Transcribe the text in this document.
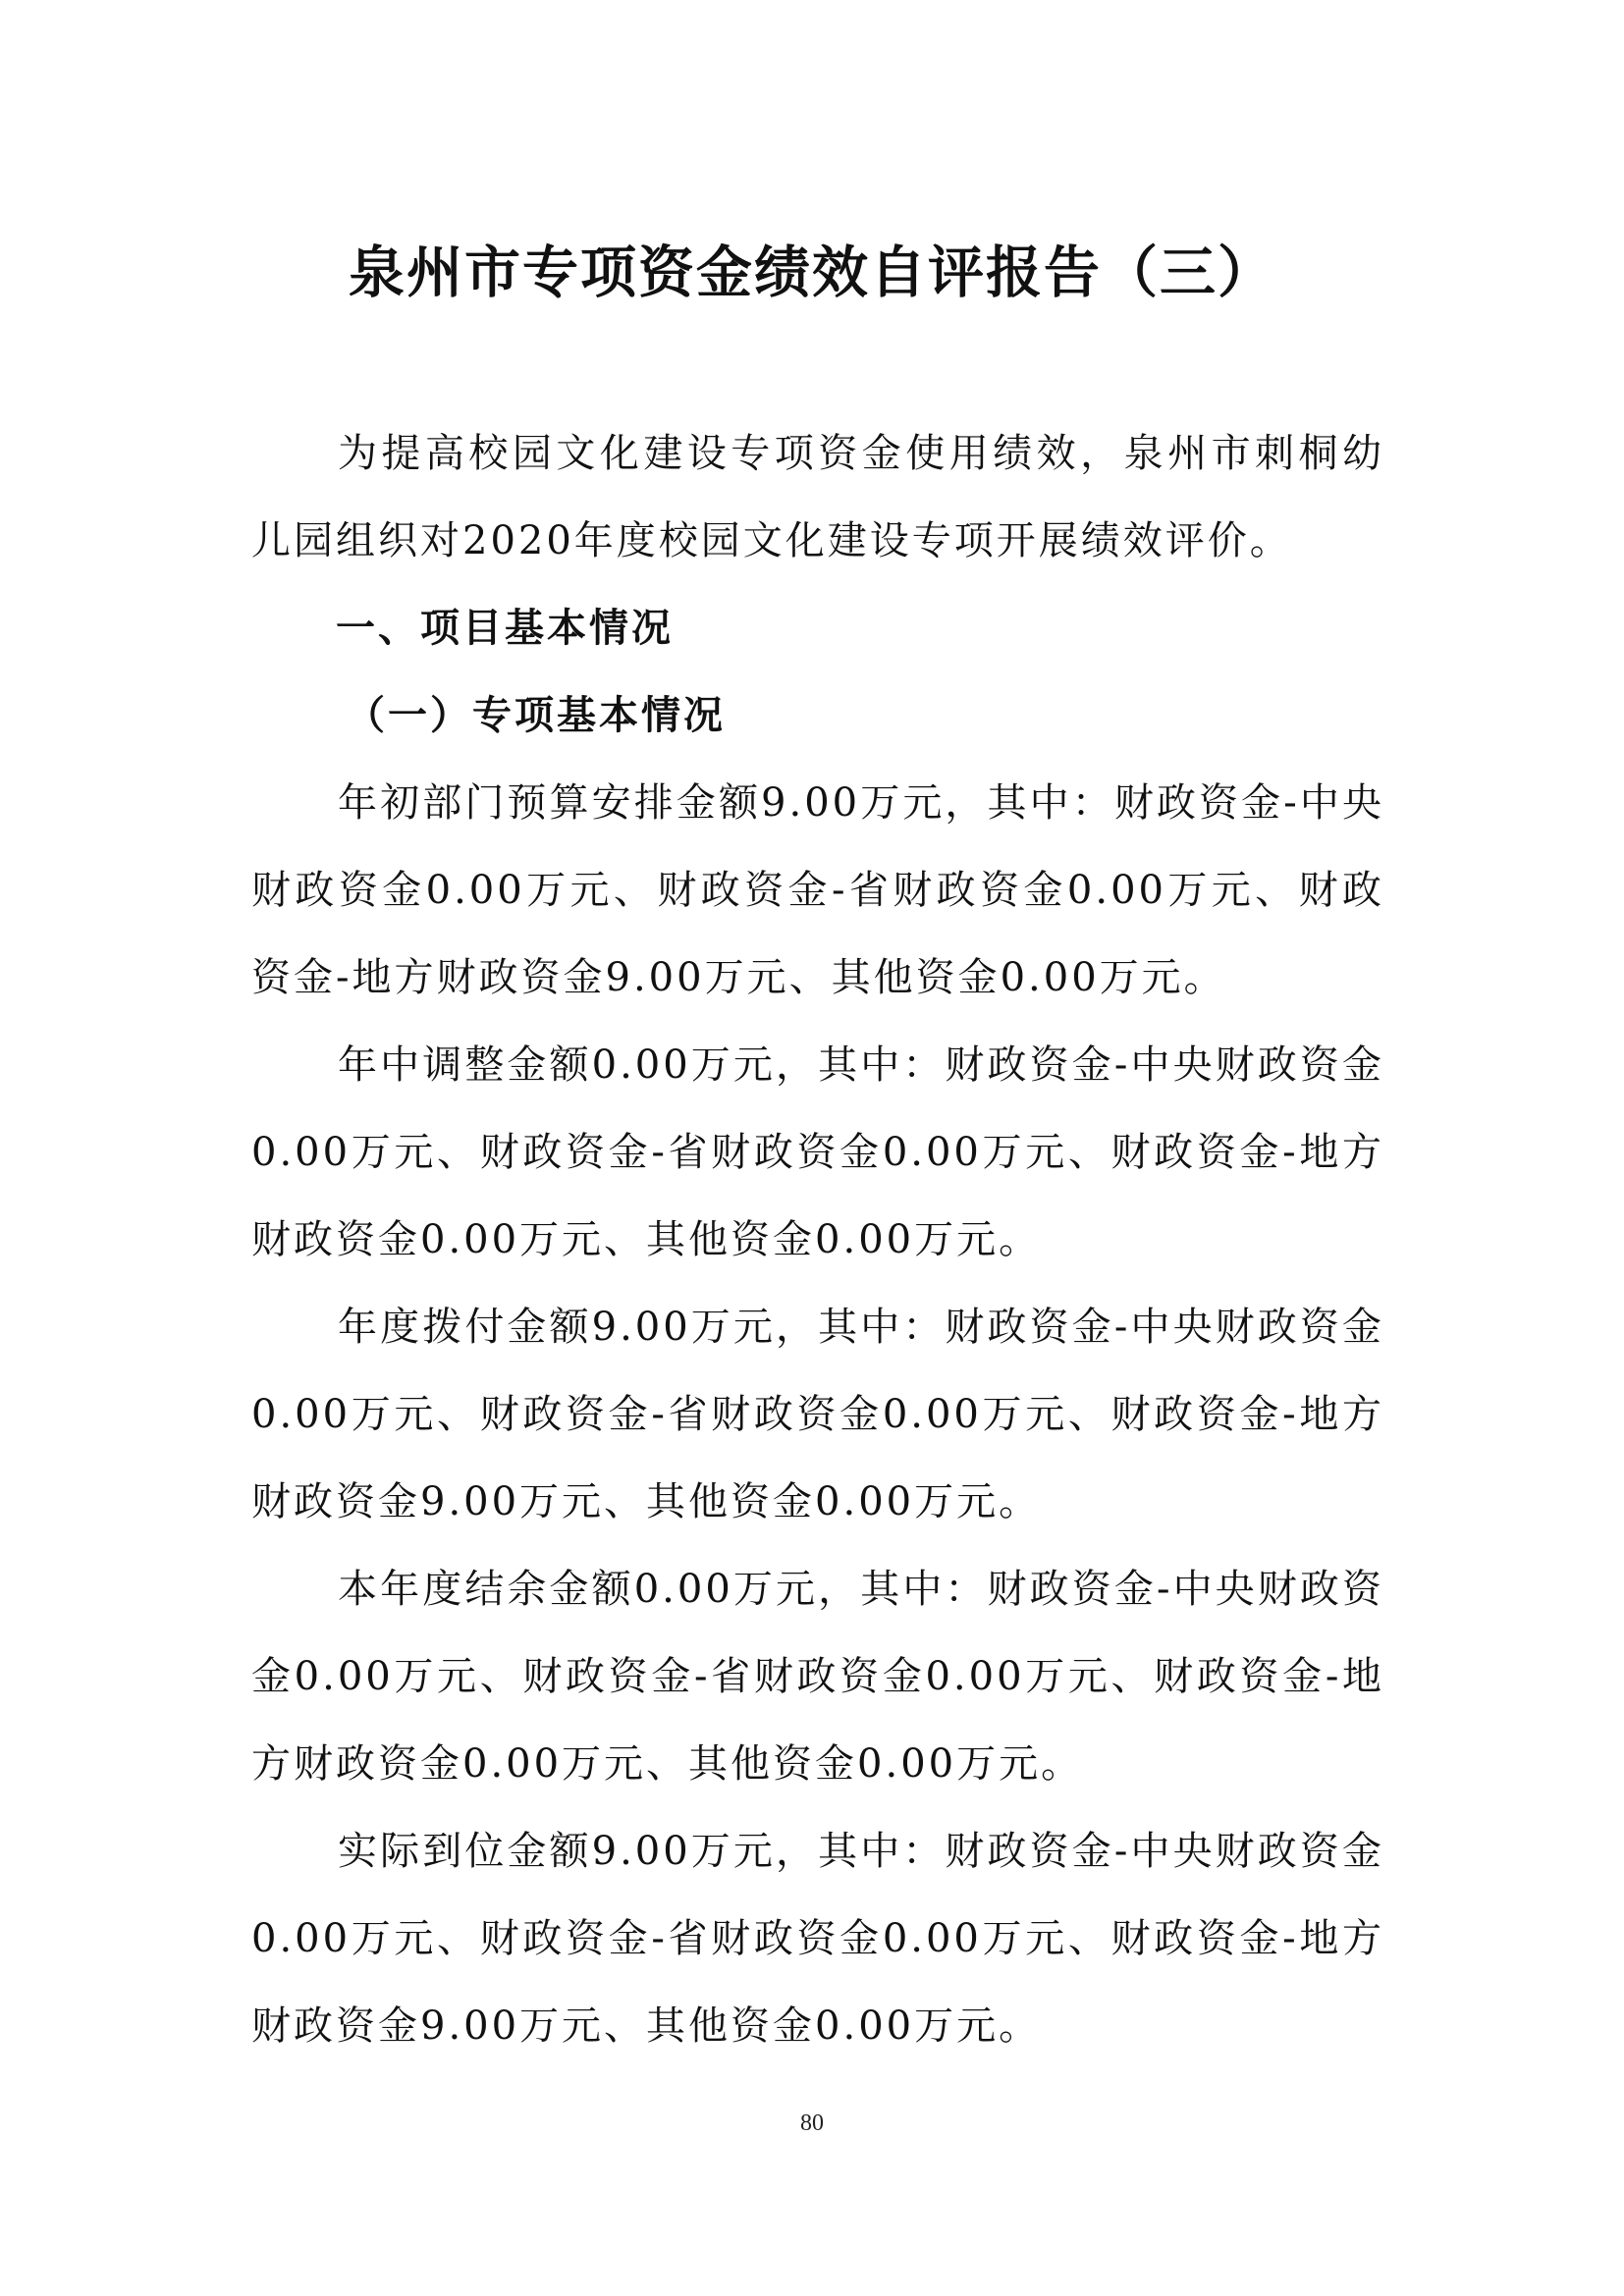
泉州市专项资金绩效自评报告（三）

为提高校园文化建设专项资金使用绩效，泉州市刺桐幼儿园组织对2020年度校园文化建设专项开展绩效评价。

一、项目基本情况

（一）专项基本情况

年初部门预算安排金额9.00万元，其中：财政资金-中央财政资金0.00万元、财政资金-省财政资金0.00万元、财政资金-地方财政资金9.00万元、其他资金0.00万元。

年中调整金额0.00万元，其中：财政资金-中央财政资金0.00万元、财政资金-省财政资金0.00万元、财政资金-地方财政资金0.00万元、其他资金0.00万元。

年度拨付金额9.00万元，其中：财政资金-中央财政资金0.00万元、财政资金-省财政资金0.00万元、财政资金-地方财政资金9.00万元、其他资金0.00万元。

本年度结余金额0.00万元，其中：财政资金-中央财政资金0.00万元、财政资金-省财政资金0.00万元、财政资金-地方财政资金0.00万元、其他资金0.00万元。

实际到位金额9.00万元，其中：财政资金-中央财政资金0.00万元、财政资金-省财政资金0.00万元、财政资金-地方财政资金9.00万元、其他资金0.00万元。

80
